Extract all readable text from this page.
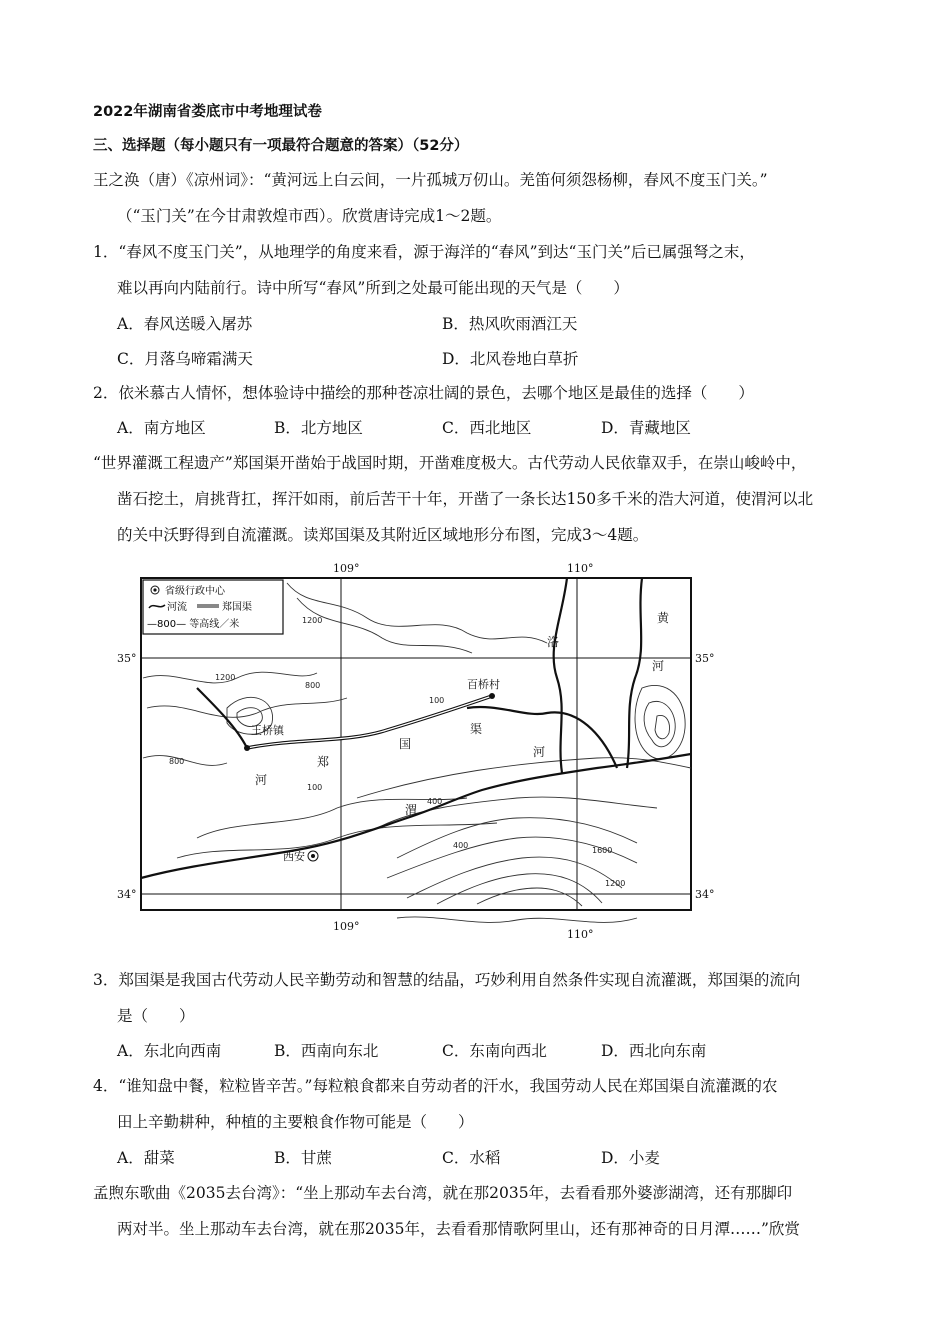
2022年湖南省娄底市中考地理试卷
三、选择题（每小题只有一项最符合题意的答案）（52分）
王之涣（唐）《凉州词》：“黄河远上白云间，一片孤城万仞山。羌笛何须怨杨柳，春风不度玉门关。”
（“玉门关”在今甘肃敦煌市西）。欣赏唐诗完成1～2题。
1．“春风不度玉门关”，从地理学的角度来看，源于海洋的“春风”到达“玉门关”后已属强弩之末，
难以再向内陆前行。诗中所写“春风”所到之处最可能出现的天气是（　　）
A．春风送暖入屠苏	B．热风吹雨酒江天
C．月落乌啼霜满天	D．北风卷地白草折
2．依米慕古人情怀，想体验诗中描绘的那种苍凉壮阔的景色，去哪个地区是最佳的选择（　　）
A．南方地区	B．北方地区	C．西北地区	D．青藏地区
“世界灌溉工程遗产”郑国渠开凿始于战国时期，开凿难度极大。古代劳动人民依靠双手，在崇山峻岭中，
凿石挖土，肩挑背扛，挥汗如雨，前后苦干十年，开凿了一条长达150多千米的浩大河道，使渭河以北
的关中沃野得到自流灌溉。读郑国渠及其附近区域地形分布图，完成3～4题。
省级行政中心
河流	郑国渠
—800— 等高线／米
109°	110°
109°
110°
35°	35°
34°	34°
王桥镇
西安
百桥村
郑
国
渠
河
渭
洛
河
黄
河
1200
800
1200
800
100
100
400
400
1600
1200
3．郑国渠是我国古代劳动人民辛勤劳动和智慧的结晶，巧妙利用自然条件实现自流灌溉，郑国渠的流向
是（　　）
A．东北向西南	B．西南向东北	C．东南向西北	D．西北向东南
4．“谁知盘中餐，粒粒皆辛苦。”每粒粮食都来自劳动者的汗水，我国劳动人民在郑国渠自流灌溉的农
田上辛勤耕种，种植的主要粮食作物可能是（　　）
A．甜菜	B．甘蔗	C．水稻	D．小麦
孟煦东歌曲《2035去台湾》：“坐上那动车去台湾，就在那2035年，去看看那外婆澎湖湾，还有那脚印
两对半。坐上那动车去台湾，就在那2035年，去看看那情歌阿里山，还有那神奇的日月潭……”欣赏
